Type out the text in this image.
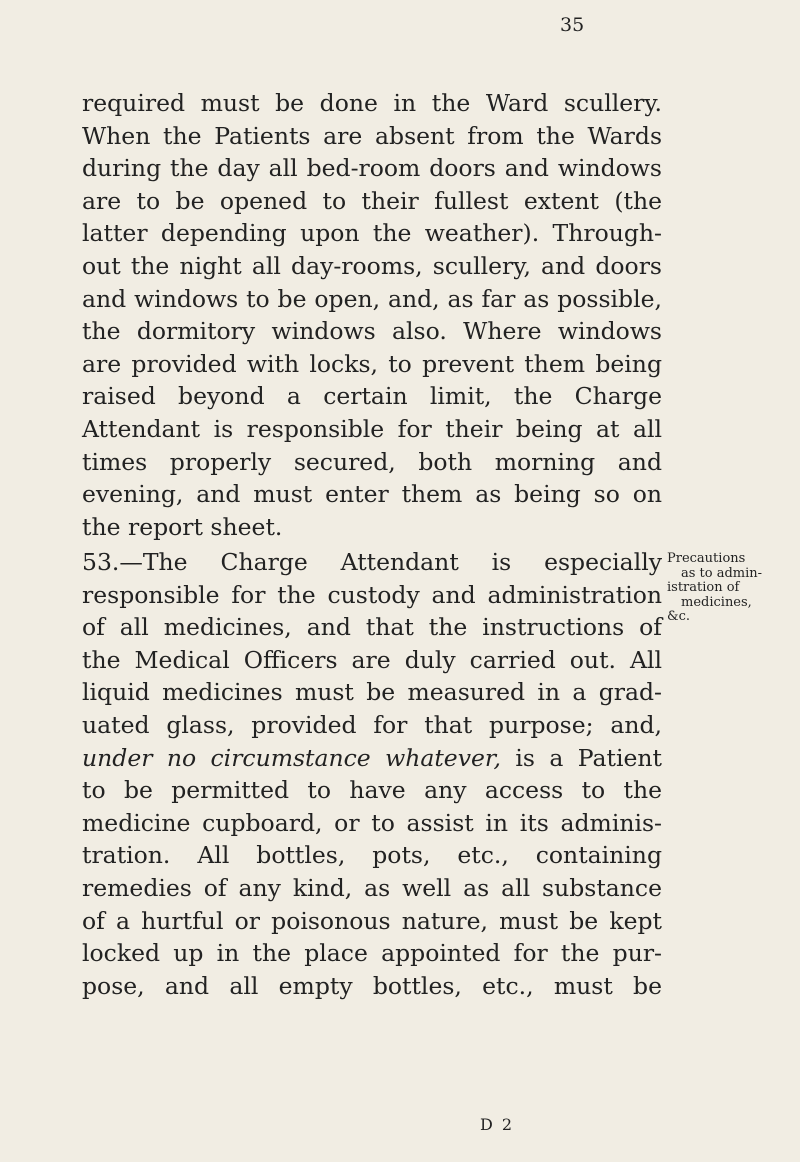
35
required must be done in the Ward scullery.
When the Patients are absent from the Wards
during the day all bed-room doors and windows
are to be opened to their fullest extent (the
latter depending upon the weather). Through-
out the night all day-rooms, scullery, and doors
and windows to be open, and, as far as possible,
the dormitory windows also. Where windows
are provided with locks, to prevent them being
raised beyond a certain limit, the Charge
Attendant is responsible for their being at all
times properly secured, both morning and
evening, and must enter them as being so on
the report sheet.
53.—The Charge Attendant is especially
responsible for the custody and administration
of all medicines, and that the instructions of
the Medical Officers are duly carried out. All
liquid medicines must be measured in a grad-
uated glass, provided for that purpose; and,
under no circumstance whatever, is a Patient
to be permitted to have any access to the
medicine cupboard, or to assist in its adminis-
tration. All bottles, pots, etc., containing
remedies of any kind, as well as all substance
of a hurtful or poisonous nature, must be kept
locked up in the place appointed for the pur-
pose, and all empty bottles, etc., must be
Precautions
as to admin-
istration of
medicines,
&c.
D 2
